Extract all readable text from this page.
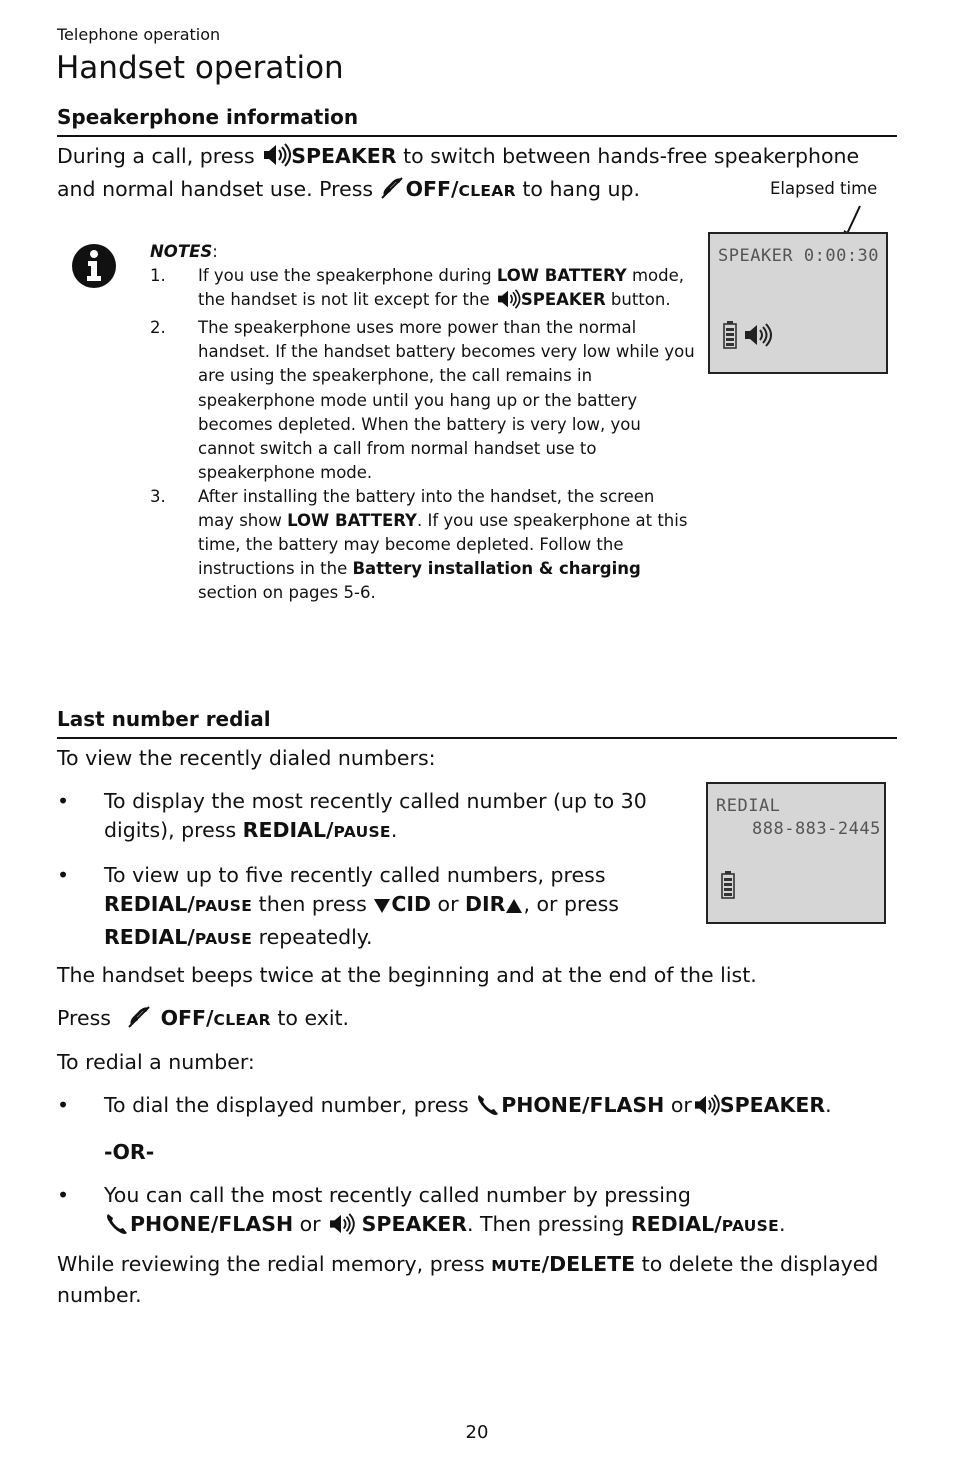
Telephone operation
Handset operation
Speakerphone information
During a call, press SPEAKER to switch between hands-free speakerphone
and normal handset use. Press OFF/CLEAR to hang up.	Elapsed time
SPEAKER 0:00:30
NOTES:
1. If you use the speakerphone during LOW BATTERY mode, the handset is not lit except for the SPEAKER button.
2. The speakerphone uses more power than the normal handset. If the handset battery becomes very low while you are using the speakerphone, the call remains in speakerphone mode until you hang up or the battery becomes depleted. When the battery is very low, you cannot switch a call from normal handset use to speakerphone mode.
3. After installing the battery into the handset, the screen may show LOW BATTERY. If you use speakerphone at this time, the battery may become depleted. Follow the instructions in the Battery installation & charging section on pages 5-6.
Last number redial
To view the recently dialed numbers:
• To display the most recently called number (up to 30 digits), press REDIAL/PAUSE.
• To view up to five recently called numbers, press REDIAL/PAUSE then press CID or DIR , or press REDIAL/PAUSE repeatedly.
REDIAL
888-883-2445
The handset beeps twice at the beginning and at the end of the list.
Press  OFF/CLEAR to exit.
To redial a number:
• To dial the displayed number, press PHONE/FLASH or SPEAKER.
-OR-
• You can call the most recently called number by pressing
PHONE/FLASH or  SPEAKER. Then pressing REDIAL/PAUSE.
While reviewing the redial memory, press MUTE/DELETE to delete the displayed number.
20
